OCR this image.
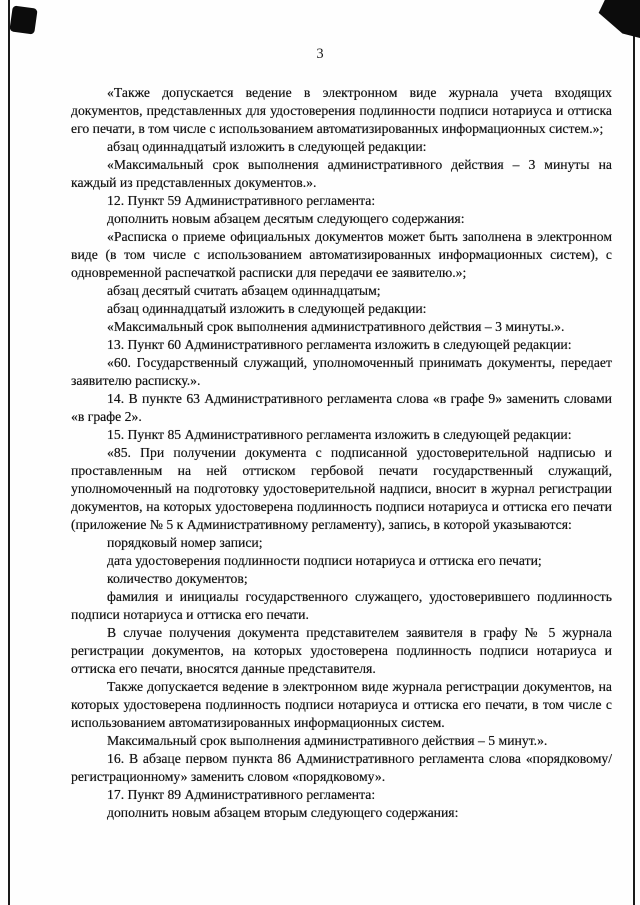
3

«Также допускается ведение в электронном виде журнала учета входящих документов, представленных для удостоверения подлинности подписи нотариуса и оттиска его печати, в том числе с использованием автоматизированных информационных систем.»;

абзац одиннадцатый изложить в следующей редакции:

«Максимальный срок выполнения административного действия – 3 минуты на каждый из представленных документов.».

12. Пункт 59 Административного регламента:

дополнить новым абзацем десятым следующего содержания:

«Расписка о приеме официальных документов может быть заполнена в электронном виде (в том числе с использованием автоматизированных информационных систем), с одновременной распечаткой расписки для передачи ее заявителю.»;

абзац десятый считать абзацем одиннадцатым;

абзац одиннадцатый изложить в следующей редакции:

«Максимальный срок выполнения административного действия – 3 минуты.».

13. Пункт 60 Административного регламента изложить в следующей редакции:

«60. Государственный служащий, уполномоченный принимать документы, передает заявителю расписку.».

14. В пункте 63 Административного регламента слова «в графе 9» заменить словами «в графе 2».

15. Пункт 85 Административного регламента изложить в следующей редакции:

«85. При получении документа с подписанной удостоверительной надписью и проставленным на ней оттиском гербовой печати государственный служащий, уполномоченный на подготовку удостоверительной надписи, вносит в журнал регистрации документов, на которых удостоверена подлинность подписи нотариуса и оттиска его печати (приложение № 5 к Административному регламенту), запись, в которой указываются:

порядковый номер записи;

дата удостоверения подлинности подписи нотариуса и оттиска его печати;

количество документов;

фамилия и инициалы государственного служащего, удостоверившего подлинность подписи нотариуса и оттиска его печати.

В случае получения документа представителем заявителя в графу № 5 журнала регистрации документов, на которых удостоверена подлинность подписи нотариуса и оттиска его печати, вносятся данные представителя.

Также допускается ведение в электронном виде журнала регистрации документов, на которых удостоверена подлинность подписи нотариуса и оттиска его печати, в том числе с использованием автоматизированных информационных систем.

Максимальный срок выполнения административного действия – 5 минут.».

16. В абзаце первом пункта 86 Административного регламента слова «порядковому/регистрационному» заменить словом «порядковому».

17. Пункт 89 Административного регламента:

дополнить новым абзацем вторым следующего содержания:
